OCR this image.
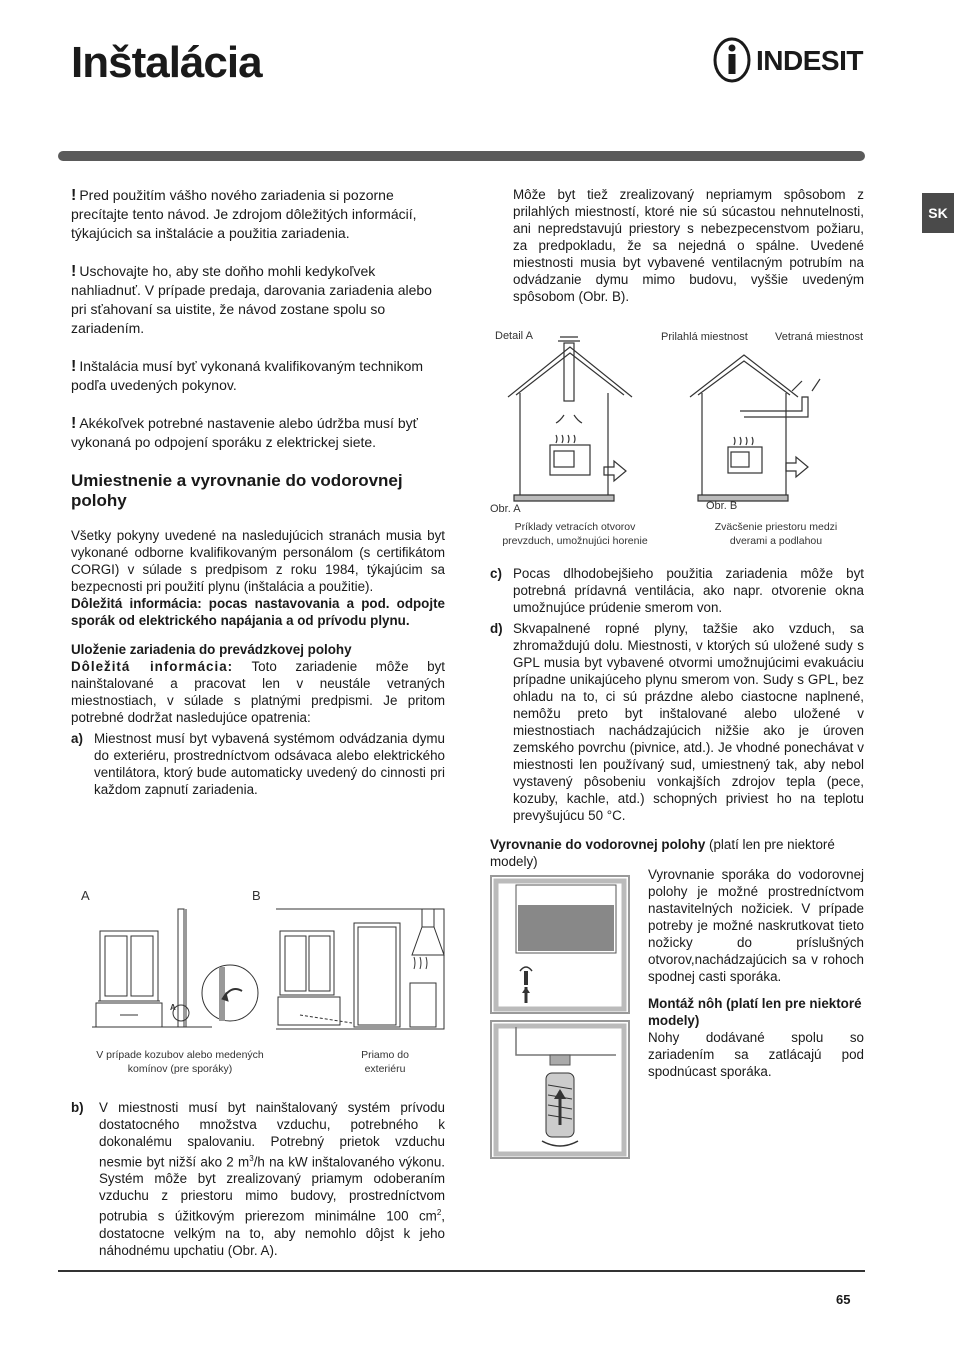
Inštalácia	INDESIT
SK

! Pred použitím vášho nového zariadenia si pozorne precítajte tento návod. Je zdrojom dôležitých informácií, týkajúcich sa inštalácie a použitia zariadenia.

! Uschovajte ho, aby ste doňho mohli kedykoľvek nahliadnuť. V prípade predaja, darovania zariadenia alebo pri sťahovaní sa uistite, že návod zostane spolu so zariadením.

! Inštalácia musí byť vykonaná kvalifikovaným technikom podľa uvedených pokynov.

! Akékoľvek potrebné nastavenie alebo údržba musí byť vykonaná po odpojení sporáku z elektrickej siete.

Umiestnenie a vyrovnanie do vodorovnej polohy

Všetky pokyny uvedené na nasledujúcich stranách musia byt vykonané odborne kvalifikovaným personálom (s certifikátom CORGI) v súlade s predpisom z roku 1984, týkajúcim sa bezpecnosti pri použití plynu (inštalácia a použitie).

Dôležitá informácia: pocas nastavovania a pod. odpojte sporák od elektrického napájania a od prívodu plynu.

Uloženie zariadenia do prevádzkovej polohy

Dôležitá informácia: Toto zariadenie môže byt nainštalované a pracovat len v neustále vetraných miestnostiach, v súlade s platnými predpismi. Je pritom potrebné dodržat nasledujúce opatrenia:

a) Miestnost musí byt vybavená systémom odvádzania dymu do exteriéru, prostredníctvom odsávaca alebo elektrického ventilátora, ktorý bude automaticky uvedený do cinnosti pri každom zapnutí zariadenia.
A	B
A
V prípade kozubov alebo medených komínov (pre sporáky)
Priamo do exteriéru
b)	V miestnosti musí byt nainštalovaný systém prívodu dostatocného množstva vzduchu, potrebného k dokonalému spalovaniu. Potrebný prietok vzduchu nesmie byt nižší ako 2 $m^3/h$ na kW inštalovaného výkonu. Systém môže byt zrealizovaný priamym odoberaním vzduchu z priestoru mimo budovy, prostredníctvom potrubia s úžitkovým prierezom minimálne 100 $cm^2$, dostatocne velkým na to, aby nemohlo dôjst k jeho náhodnému upchatiu (Obr. A).

Môže byt tiež zrealizovaný nepriamym spôsobom z prilahlých miestností, ktoré nie sú súcastou nehnutelnosti, ani nepredstavujú priestory s nebezpecenstvom požiaru, za predpokladu, že sa nejedná o spálne. Uvedené miestnosti musia byt vybavené ventilacným potrubím na odvádzanie dymu mimo budovu, vyššie uvedeným spôsobom (Obr. B).

Detail A	Prilahlá miestnost Vetraná miestnost
Obr. A	Obr. B
Príklady vetracích otvorov prevzduch, umožnujúci horenie
Zväcšenie priestoru medzi dverami a podlahou
c) Pocas dlhodobejšieho použitia zariadenia môže byt potrebná prídavná ventilácia, ako napr. otvorenie okna umožnujúce prúdenie smerom von.
d) Skvapalnené ropné plyny, tažšie ako vzduch, sa zhromaždujú dolu. Miestnosti, v ktorých sú uložené sudy s GPL musia byt vybavené otvormi umožnujúcimi evakuáciu prípadne unikajúceho plynu smerom von. Sudy s GPL, bez ohladu na to, ci sú prázdne alebo ciastocne naplnené, nemôžu preto byt inštalované alebo uložené v miestnostiach nachádzajúcich nižšie ako je úroven zemského povrchu (pivnice, atd.). Je vhodné ponechávat v miestnosti len používaný sud, umiestnený tak, aby nebol vystavený pôsobeniu vonkajších zdrojov tepla (pece, kozuby, kachle, atd.) schopných priviest ho na teplotu prevyšujúcu 50 °C.

Vyrovnanie do vodorovnej polohy (platí len pre niektoré modely)

Vyrovnanie sporáka do vodorovnej polohy je možné prostredníctvom nastavitelných nožiciek. V prípade potreby je možné naskrutkovat tieto nožicky do príslušných otvorov,nachádzajúcich sa v rohoch spodnej casti sporáka.

Montáž nôh (platí len pre niektoré modely)

Nohy dodávané spolu so zariadením sa zatlácajú pod spodnúcast sporáka.

65
